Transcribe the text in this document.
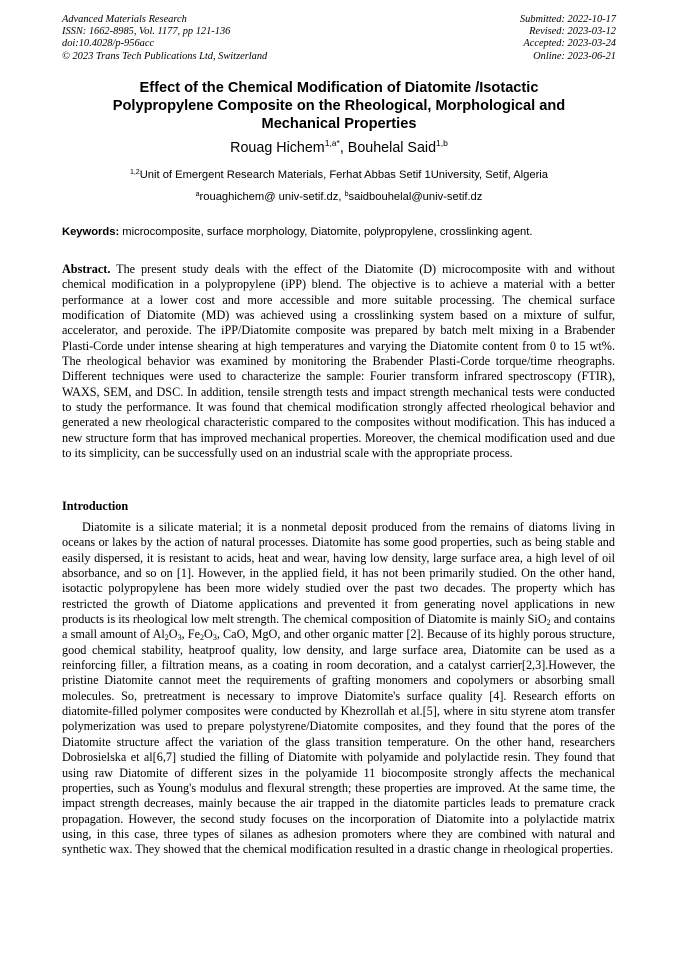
Advanced Materials Research
ISSN: 1662-8985, Vol. 1177, pp 121-136
doi:10.4028/p-956acc
© 2023 Trans Tech Publications Ltd, Switzerland
Submitted: 2022-10-17
Revised: 2023-03-12
Accepted: 2023-03-24
Online: 2023-06-21
Effect of the Chemical Modification of Diatomite /Isotactic
Polypropylene Composite on the Rheological, Morphological and
Mechanical Properties
Rouag Hichem$^{1,a*}$, Bouhelal Said$^{1,b}$
$^{1,2}$Unit of Emergent Research Materials, Ferhat Abbas Setif 1University, Setif, Algeria
$^a$rouaghichem@ univ-setif.dz, $^b$saidbouhelal@univ-setif.dz
Keywords: microcomposite, surface morphology, Diatomite, polypropylene, crosslinking agent.
Abstract. The present study deals with the effect of the Diatomite (D) microcomposite with and without chemical modification in a polypropylene (iPP) blend. The objective is to achieve a material with a better performance at a lower cost and more accessible and more suitable processing. The chemical surface modification of Diatomite (MD) was achieved using a crosslinking system based on a mixture of sulfur, accelerator, and peroxide. The iPP/Diatomite composite was prepared by batch melt mixing in a Brabender Plasti-Corde under intense shearing at high temperatures and varying the Diatomite content from 0 to 15 wt%. The rheological behavior was examined by monitoring the Brabender Plasti-Corde torque/time rheographs. Different techniques were used to characterize the sample: Fourier transform infrared spectroscopy (FTIR), WAXS, SEM, and DSC. In addition, tensile strength tests and impact strength mechanical tests were conducted to study the performance. It was found that chemical modification strongly affected rheological behavior and generated a new rheological characteristic compared to the composites without modification. This has induced a new structure form that has improved mechanical properties. Moreover, the chemical modification used and due to its simplicity, can be successfully used on an industrial scale with the appropriate process.
Introduction
Diatomite is a silicate material; it is a nonmetal deposit produced from the remains of diatoms living in oceans or lakes by the action of natural processes. Diatomite has some good properties, such as being stable and easily dispersed, it is resistant to acids, heat and wear, having low density, large surface area, a high level of oil absorbance, and so on [1]. However, in the applied field, it has not been primarily studied. On the other hand, isotactic polypropylene has been more widely studied over the past two decades. The property which has restricted the growth of Diatome applications and prevented it from generating novel applications in new products is its rheological low melt strength. The chemical composition of Diatomite is mainly SiO$_2$ and contains a small amount of $Al_2O_3$, $Fe_2O_3$, CaO, MgO, and other organic matter [2]. Because of its highly porous structure, good chemical stability, heatproof quality, low density, and large surface area, Diatomite can be used as a reinforcing filler, a filtration means, as a coating in room decoration, and a catalyst carrier[2,3].However, the pristine Diatomite cannot meet the requirements of grafting monomers and copolymers or absorbing small molecules. So, pretreatment is necessary to improve Diatomite's surface quality [4]. Research efforts on diatomite-filled polymer composites were conducted by Khezrollah et al.[5], where in situ styrene atom transfer polymerization was used to prepare polystyrene/Diatomite composites, and they found that the pores of the Diatomite structure affect the variation of the glass transition temperature. On the other hand, researchers Dobrosielska et al[6,7] studied the filling of Diatomite with polyamide and polylactide resin. They found that using raw Diatomite of different sizes in the polyamide 11 biocomposite strongly affects the mechanical properties, such as Young's modulus and flexural strength; these properties are improved. At the same time, the impact strength decreases, mainly because the air trapped in the diatomite particles leads to premature crack propagation. However, the second study focuses on the incorporation of Diatomite into a polylactide matrix using, in this case, three types of silanes as adhesion promoters where they are combined with natural and synthetic wax. They showed that the chemical modification resulted in a drastic change in rheological properties.
